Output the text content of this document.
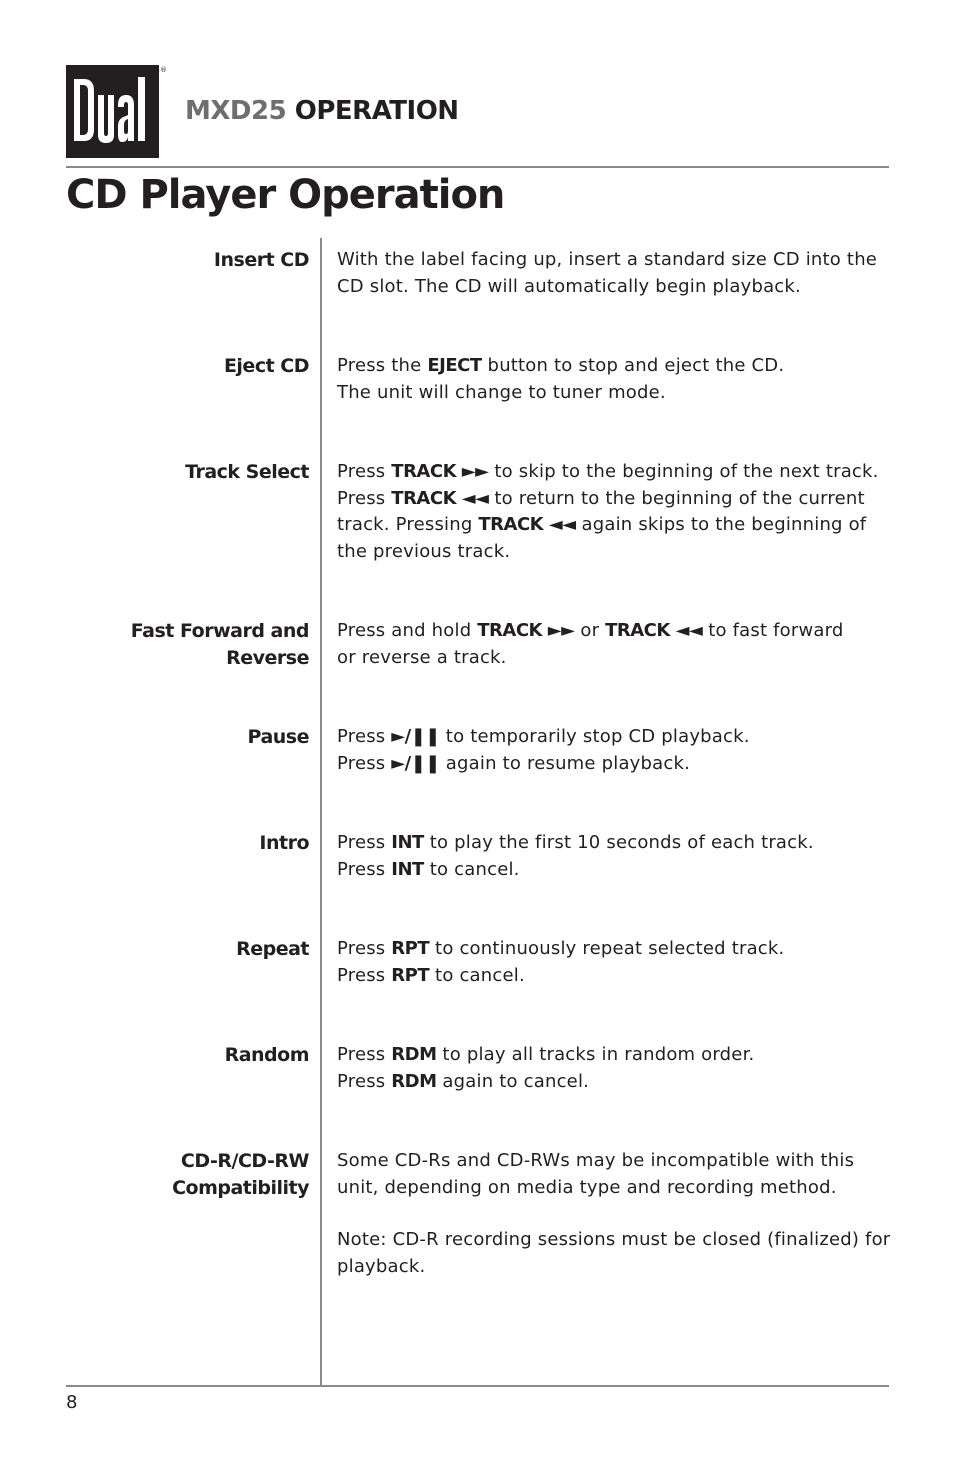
®
MXD25 OPERATION
CD Player Operation
Insert CD With the label facing up, insert a standard size CD into the

CD slot. The CD will automatically begin playback.

Eject CD Press the EJECT button to stop and eject the CD.

The unit will change to tuner mode.

Track Select Press TRACK ►► to skip to the beginning of the next track.

Press TRACK ◄◄ to return to the beginning of the current

track. Pressing TRACK ◄◄ again skips to the beginning of

the previous track.

Fast Forward and Reverse

Press and hold TRACK ►► or TRACK ◄◄ to fast forward

or reverse a track.

Pause Press ►/❚❚ to temporarily stop CD playback.

Press ►/❚❚ again to resume playback.

Intro Press INT to play the first 10 seconds of each track.

Press INT to cancel.

Repeat Press RPT to continuously repeat selected track.

Press RPT to cancel.

Random Press RDM to play all tracks in random order.

Press RDM again to cancel.

CD-R/CD-RW
Compatibility

Some CD-Rs and CD-RWs may be incompatible with this

unit, depending on media type and recording method.

Note: CD-R recording sessions must be closed (finalized) for

playback.

8
